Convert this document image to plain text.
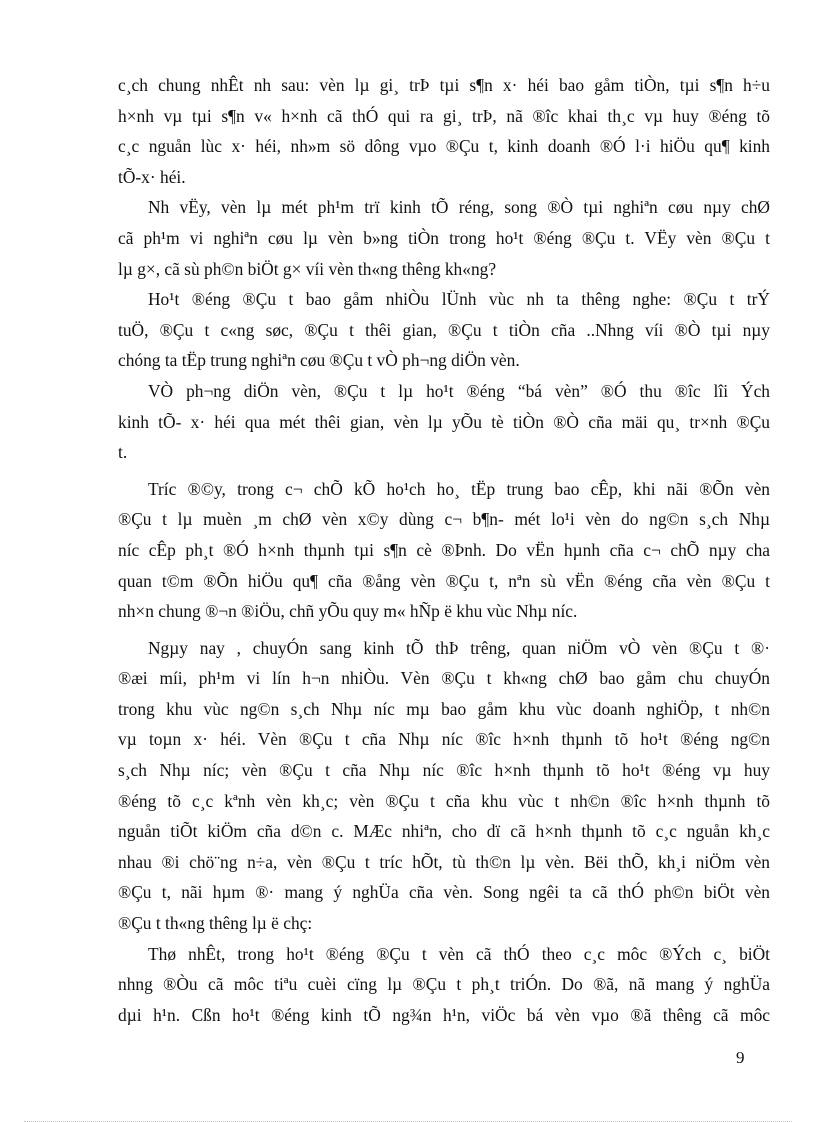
c¸ch chung nhÊt nh sau: vèn lµ gi¸ trÞ tµi s¶n x· héi bao gåm tiÒn, tµi s¶n h÷u
h×nh vµ tµi s¶n v« h×nh cã thÓ qui ra gi¸ trÞ, nã ®îc khai th¸c vµ huy ®éng tõ
c¸c nguån lùc x· héi, nh»m sö dông vµo ®Çu t, kinh doanh ®Ó l·i hiÖu qu¶ kinh
tÕ-x· héi.
Nh vËy, vèn lµ mét ph¹m trï kinh tÕ réng, song ®Ò tµi nghiªn cøu nµy chØ
cã ph¹m vi nghiªn cøu lµ vèn b»ng tiÒn trong ho¹t ®éng ®Çu t. VËy vèn ®Çu t
lµ g×, cã sù ph©n biÖt g× víi vèn th«ng thêng kh«ng?
Ho¹t ®éng ®Çu t bao gåm nhiÒu lÜnh vùc nh ta thêng nghe: ®Çu t trÝ
tuÖ, ®Çu t c«ng søc, ®Çu t thêi gian, ®Çu t tiÒn cña ..Nhng víi ®Ò tµi nµy
chóng ta tËp trung nghiªn cøu ®Çu t vÒ ph¬ng diÖn vèn.
VÒ ph¬ng diÖn vèn, ®Çu t lµ ho¹t ®éng “bá vèn” ®Ó thu ®îc lîi Ých
kinh tÕ- x· héi qua mét thêi gian, vèn lµ yÕu tè tiÒn ®Ò cña mäi qu¸ tr×nh ®Çu
t.
Tríc ®©y, trong c¬ chÕ kÕ ho¹ch ho¸ tËp trung bao cÊp, khi nãi ®Õn vèn
®Çu t lµ muèn ¸m chØ vèn x©y dùng c¬ b¶n- mét lo¹i vèn do ng©n s¸ch Nhµ
níc cÊp ph¸t ®Ó h×nh thµnh tµi s¶n cè ®Þnh. Do vËn hµnh cña c¬ chÕ nµy cha
quan t©m ®Õn hiÖu qu¶ cña ®ång vèn ®Çu t, nªn sù vËn ®éng cña vèn ®Çu t
nh×n chung ®¬n ®iÖu, chñ yÕu quy m« hÑp ë khu vùc Nhµ níc.
Ngµy nay , chuyÓn sang kinh tÕ thÞ trêng, quan niÖm vÒ vèn ®Çu t ®·
®æi míi, ph¹m vi lín h¬n nhiÒu. Vèn ®Çu t kh«ng chØ bao gåm chu chuyÓn
trong khu vùc ng©n s¸ch Nhµ níc mµ bao gåm khu vùc doanh nghiÖp, t nh©n
vµ toµn x· héi. Vèn ®Çu t cña Nhµ níc ®îc h×nh thµnh tõ ho¹t ®éng ng©n
s¸ch Nhµ níc; vèn ®Çu t cña Nhµ níc ®îc h×nh thµnh tõ ho¹t ®éng vµ huy
®éng tõ c¸c kªnh vèn kh¸c; vèn ®Çu t cña khu vùc t nh©n ®îc h×nh thµnh tõ
nguån tiÕt kiÖm cña d©n c. MÆc nhiªn, cho dï cã h×nh thµnh tõ c¸c nguån kh¸c
nhau ®i chö¨ng n÷a, vèn ®Çu t tríc hÕt, tù th©n lµ vèn. Bëi thÕ, kh¸i niÖm vèn
®Çu t, nãi hµm ®· mang ý nghÜa cña vèn. Song ngêi ta cã thÓ ph©n biÖt vèn
®Çu t th«ng thêng lµ ë chç:
Thø nhÊt, trong ho¹t ®éng ®Çu t vèn cã thÓ theo c¸c môc ®Ých c¸ biÖt
nhng ®Òu cã môc tiªu cuèi cïng lµ ®Çu t ph¸t triÓn. Do ®ã, nã mang ý nghÜa
dµi h¹n. Cßn ho¹t ®éng kinh tÕ ng¾n h¹n, viÖc bá vèn vµo ®ã thêng cã môc
9
